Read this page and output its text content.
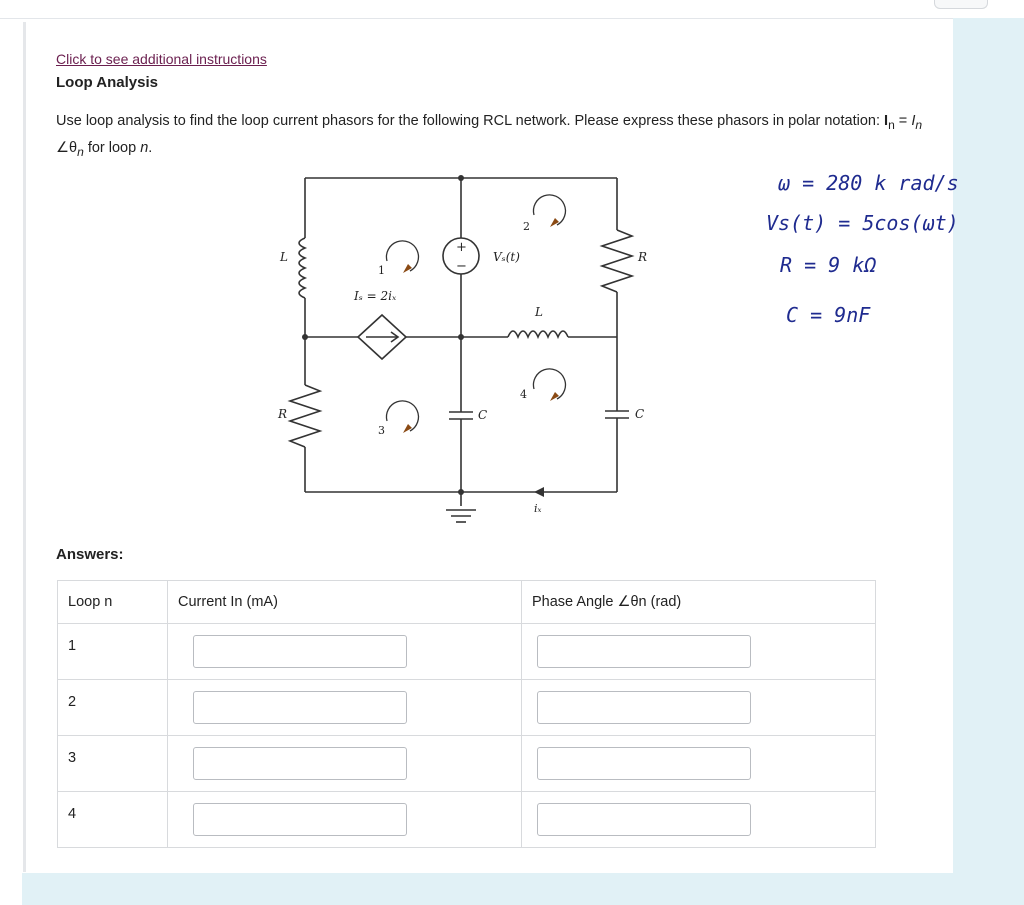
Click to see additional instructions
Loop Analysis
Use loop analysis to find the loop current phasors for the following RCL network. Please express these phasors in polar notation: $I_n = I_n$ $\angle\theta_n$ for loop n.
L	R
L
R	C	C
Vₛ(t)
+
−
Iₛ = 2iₓ
iₓ
1
2
3
4
ω = 280 k rad/s
Vs(t) = 5cos(ωt)
R = 9 kΩ
C = 9nF
Answers:
Loop n	Current In (mA)	Phase Angle ∠θn (rad)

1

2

3

4
